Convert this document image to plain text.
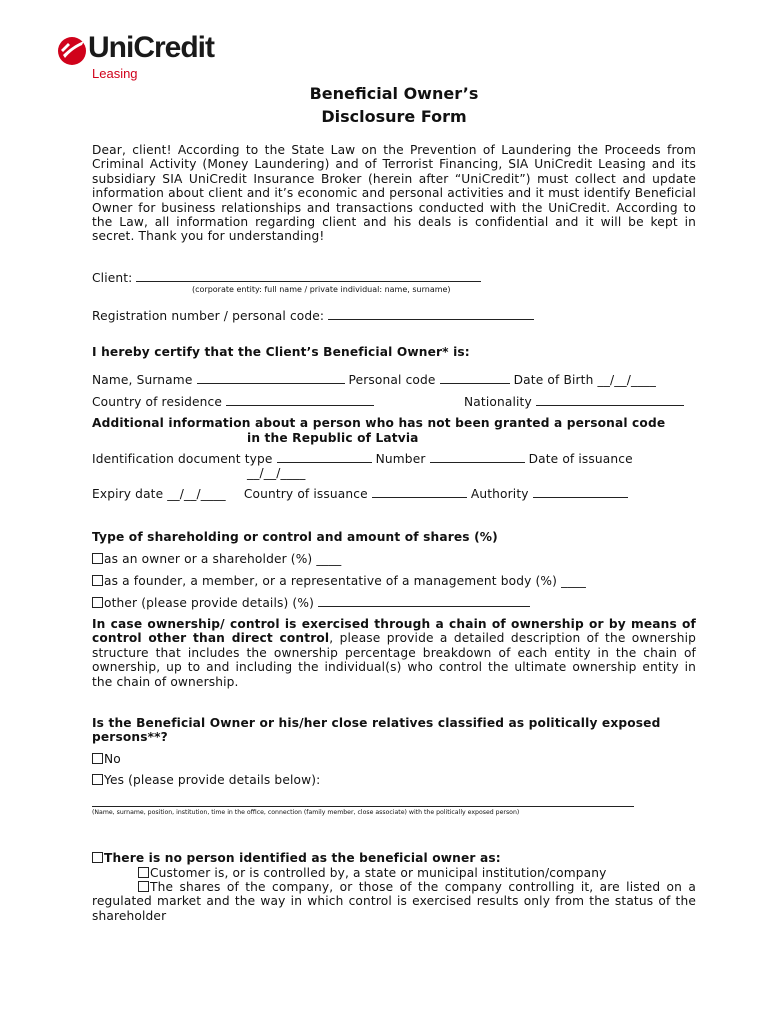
UniCredit
Leasing
Beneficial Owner’s
Disclosure Form
Dear, client! According to the State Law on the Prevention of Laundering the Proceeds from Criminal Activity (Money Laundering) and of Terrorist Financing, SIA UniCredit Leasing and its subsidiary SIA UniCredit Insurance Broker (herein after “UniCredit”) must collect and update information about client and it’s economic and personal activities and it must identify Beneficial Owner for business relationships and transactions conducted with the UniCredit. According to the Law, all information regarding client and his deals is confidential and it will be kept in secret. Thank you for understanding!
Client:
(corporate entity: full name / private individual: name, surname)
Registration number / personal code:
I hereby certify that the Client’s Beneficial Owner* is:
Name, Surname	Personal code	Date of Birth __/__/____
Country of residence	Nationality
Additional information about a person who has not been granted a personal code
in the Republic of Latvia
Identification document type	Number	Date of issuance
__/__/____
Expiry date __/__/____ Country of issuance	Authority
Type of shareholding or control and amount of shares (%)
as an owner or a shareholder (%) ____
as a founder, a member, or a representative of a management body (%) ____
other (please provide details) (%)
In case ownership/ control is exercised through a chain of ownership or by means of control other than direct control, please provide a detailed description of the ownership structure that includes the ownership percentage breakdown of each entity in the chain of ownership, up to and including the individual(s) who control the ultimate ownership entity in the chain of ownership.
Is the Beneficial Owner or his/her close relatives classified as politically exposed persons**?
No
Yes (please provide details below):
(Name, surname, position, institution, time in the office, connection (family member, close associate) with the politically exposed person)
There is no person identified as the beneficial owner as:
Customer is, or is controlled by, a state or municipal institution/company
The shares of the company, or those of the company controlling it, are listed on a regulated market and the way in which control is exercised results only from the status of the shareholder
